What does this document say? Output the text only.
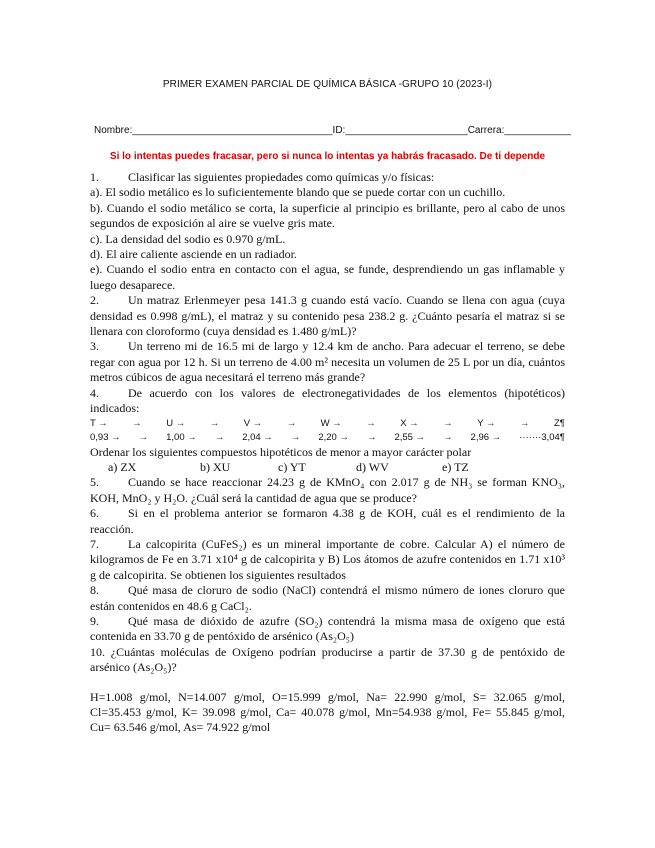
PRIMER EXAMEN PARCIAL DE QUÍMICA BÁSICA -GRUPO 10 (2023-I)
Nombre:____________________________________ID:______________________Carrera:____________
Si lo intentas puedes fracasar, pero si nunca lo intentas ya habrás fracasado. De ti depende

1. Clasificar las siguientes propiedades como químicas y/o físicas:

a). El sodio metálico es lo suficientemente blando que se puede cortar con un cuchillo.

b). Cuando el sodio metálico se corta, la superficie al principio es brillante, pero al cabo de unos segundos de exposición al aire se vuelve gris mate.

c). La densidad del sodio es 0.970 g/mL.

d). El aire caliente asciende en un radiador.

e). Cuando el sodio entra en contacto con el agua, se funde, desprendiendo un gas inflamable y luego desaparece.

2. Un matraz Erlenmeyer pesa 141.3 g cuando está vacío. Cuando se llena con agua (cuya densidad es 0.998 g/mL), el matraz y su contenido pesa 238.2 g. ¿Cuánto pesaría el matraz si se llenara con cloroformo (cuya densidad es 1.480 g/mL)?

3. Un terreno mi de 16.5 mi de largo y 12.4 km de ancho. Para adecuar el terreno, se debe regar con agua por 12 h. Si un terreno de 4.00 m² necesita un volumen de 25 L por un día, cuántos metros cúbicos de agua necesitará el terreno más grande?

4. De acuerdo con los valores de electronegatividades de los elementos (hipotéticos) indicados:

T →	→	U →	→	V →	→	W →	→	X →	→	Y →	→	Z¶
0,93 → → 1,00 → → 2,04 → → 2,20 → → 2,55 → → 2,96 → ·······3,04¶

Ordenar los siguientes compuestos hipotéticos de menor a mayor carácter polar

a) ZX	b) XU	c) YT	d) WV	e) TZ

5. Cuando se hace reaccionar 24.23 g de KMnO₄ con 2.017 g de NH₃ se forman KNO₃, KOH, MnO₂ y H₂O. ¿Cuál será la cantidad de agua que se produce?

6. Si en el problema anterior se formaron 4.38 g de KOH, cuál es el rendimiento de la reacción.

7. La calcopirita (CuFeS₂) es un mineral importante de cobre. Calcular A) el número de kilogramos de Fe en 3.71 x10⁴ g de calcopirita y B) Los átomos de azufre contenidos en 1.71 x10³ g de calcopirita. Se obtienen los siguientes resultados

8. Qué masa de cloruro de sodio (NaCl) contendrá el mismo número de iones cloruro que están contenidos en 48.6 g CaCl₂.

9. Qué masa de dióxido de azufre (SO₂) contendrá la misma masa de oxígeno que está contenida en 33.70 g de pentóxido de arsénico (As₂O₅)

10. ¿Cuántas moléculas de Oxígeno podrían producirse a partir de 37.30 g de pentóxido de arsénico (As₂O₅)?

H=1.008 g/mol, N=14.007 g/mol, O=15.999 g/mol, Na= 22.990 g/mol, S= 32.065 g/mol, Cl=35.453 g/mol, K= 39.098 g/mol, Ca= 40.078 g/mol, Mn=54.938 g/mol, Fe= 55.845 g/mol, Cu= 63.546 g/mol, As= 74.922 g/mol
